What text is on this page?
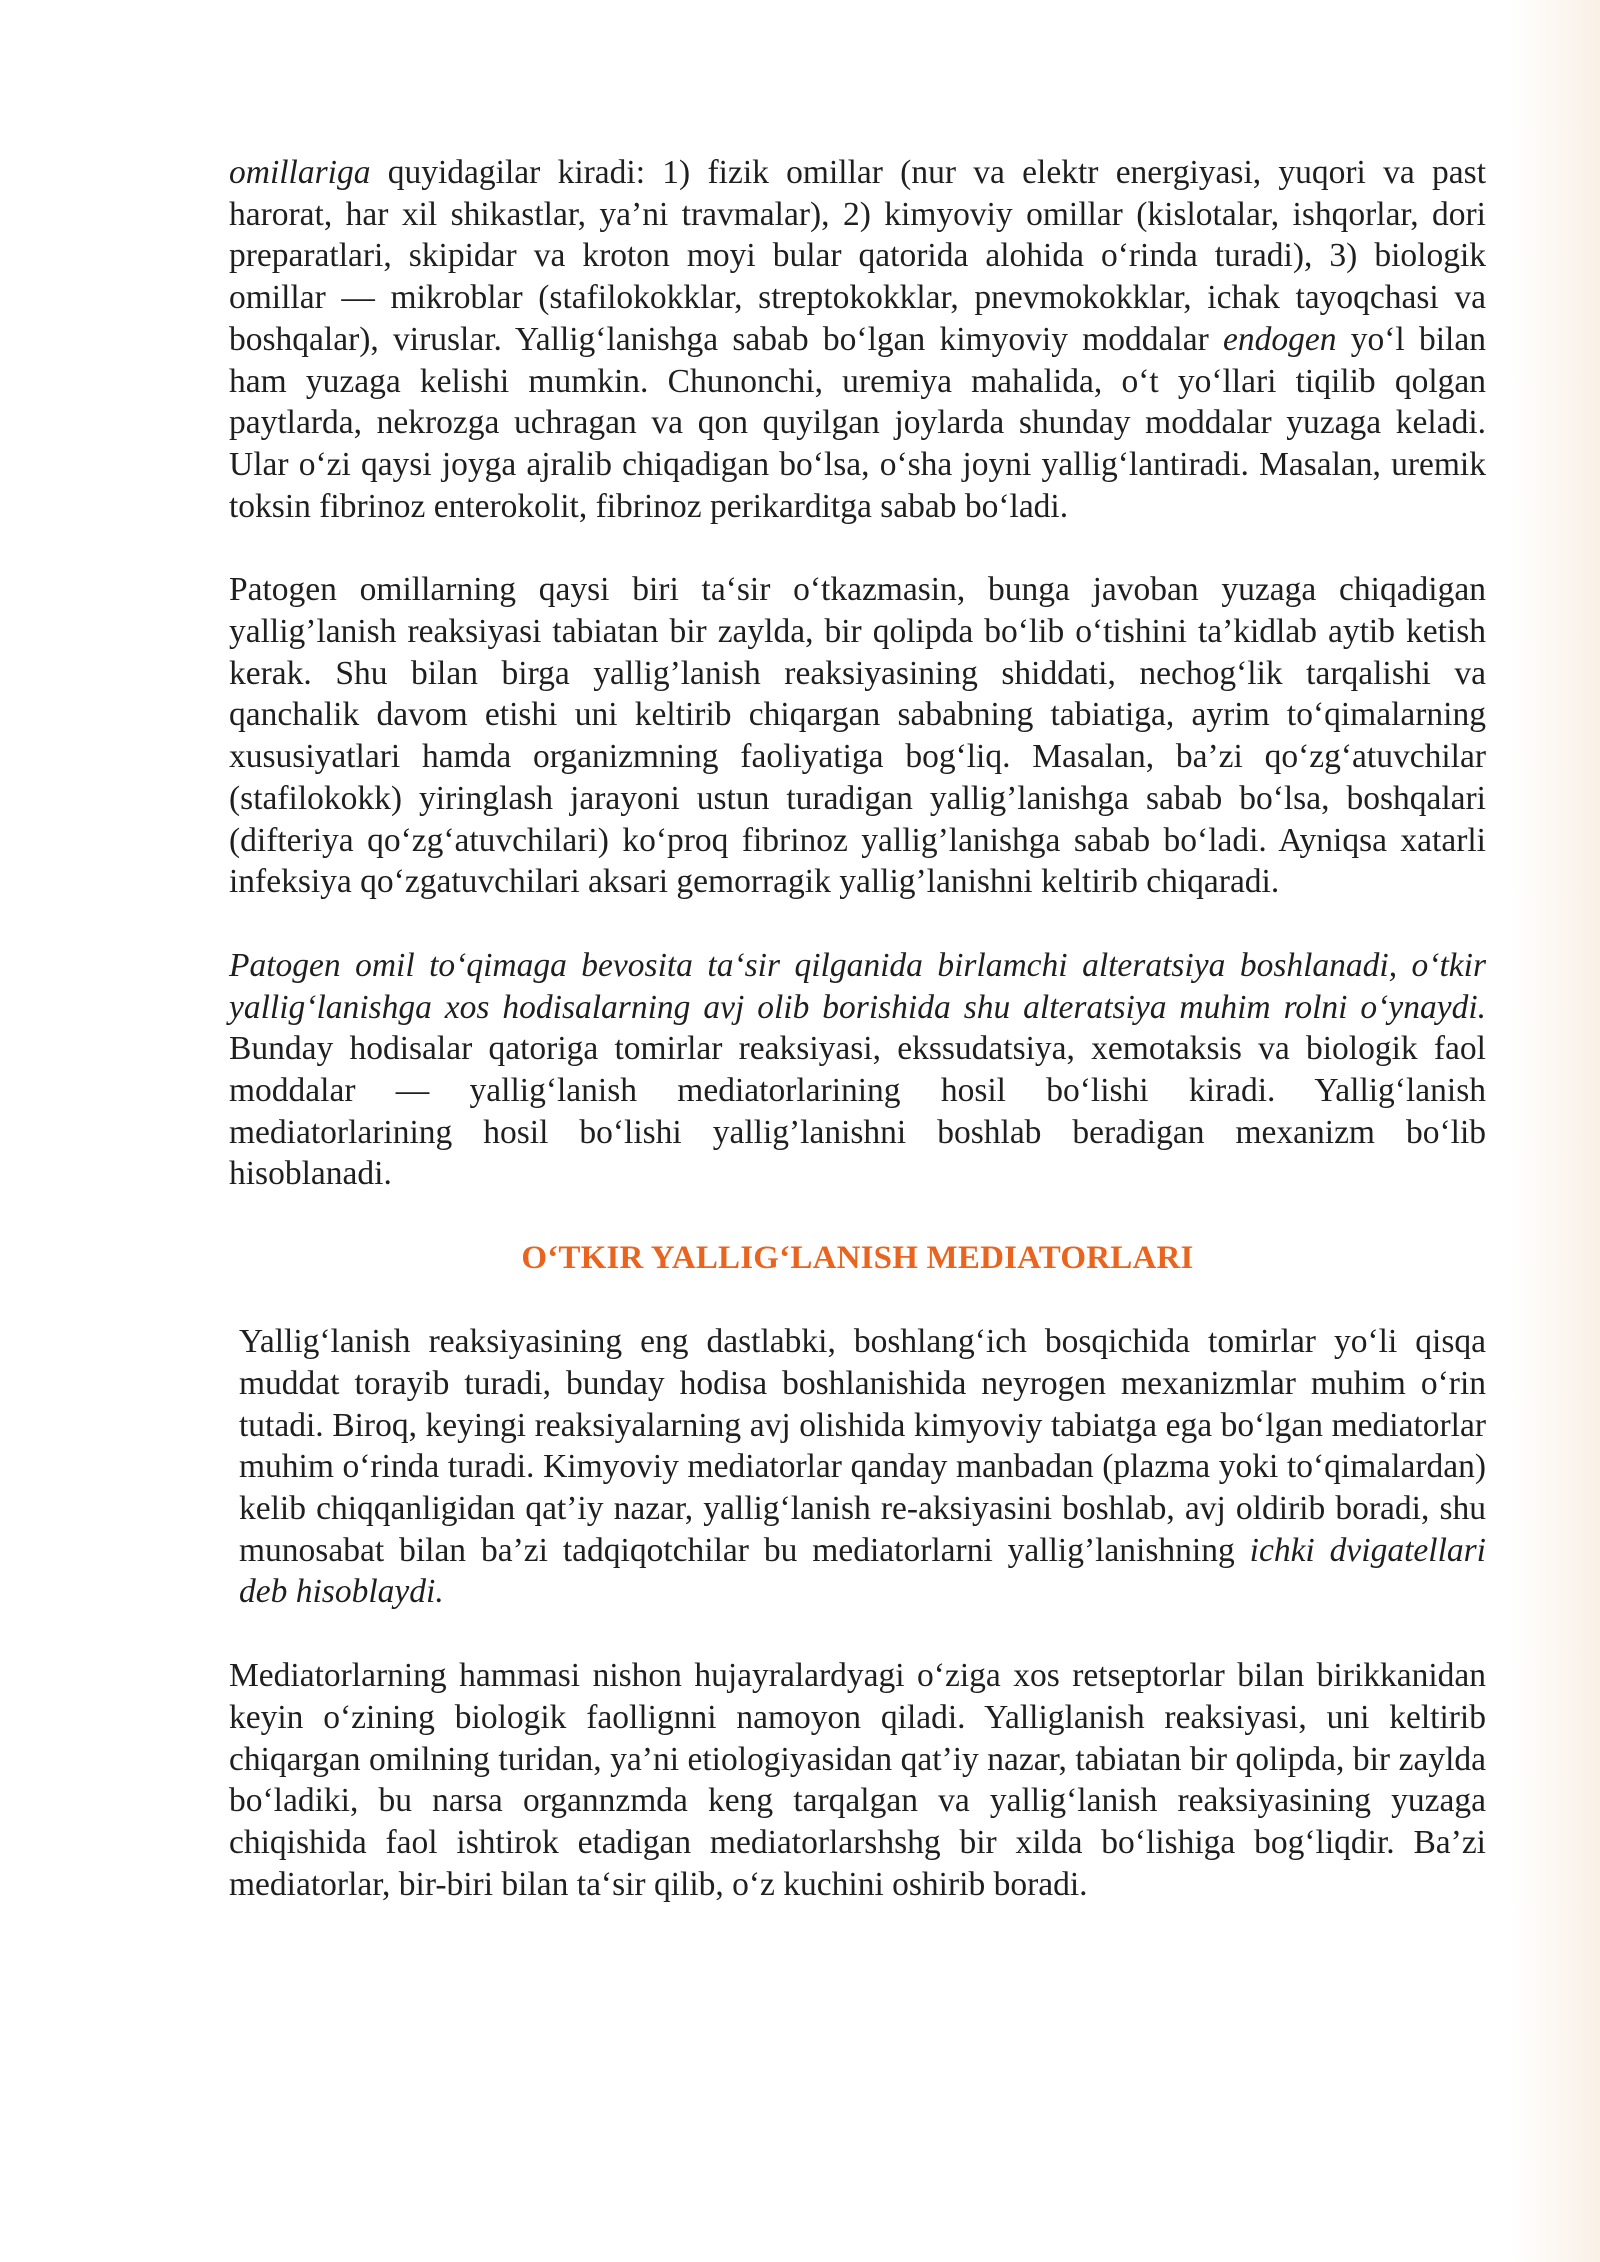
omillariga quyidagilar kiradi: 1) fizik omillar (nur va elektr energiyasi, yuqori va past harorat, har xil shikastlar, ya’ni travmalar), 2) kimyoviy omillar (kislotalar, ishqorlar, dori preparatlari, skipidar va kroton moyi bular qatorida alohida o‘rinda turadi), 3) biologik omillar — mikroblar (stafilokokklar, streptokokklar, pnevmokokklar, ichak tayoqchasi va boshqalar), viruslar. Yallig‘lanishga sabab bo‘lgan kimyoviy moddalar endogen yo‘l bilan ham yuzaga kelishi mumkin. Chunonchi, uremiya mahalida, o‘t yo‘llari tiqilib qolgan paytlarda, nekrozga uchragan va qon quyilgan joylarda shunday moddalar yuzaga keladi. Ular o‘zi qaysi joyga ajralib chiqadigan bo‘lsa, o‘sha joyni yallig‘lantiradi. Masalan, uremik toksin fibrinoz enterokolit, fibrinoz perikarditga sabab bo‘ladi.

Patogen omillarning qaysi biri ta‘sir o‘tkazmasin, bunga javoban yuzaga chiqadigan yallig’lanish reaksiyasi tabiatan bir zaylda, bir qolipda bo‘lib o‘tishini ta’kidlab aytib ketish kerak. Shu bilan birga yallig’lanish reaksiyasining shiddati, nechog‘lik tarqalishi va qanchalik davom etishi uni keltirib chiqargan sababning tabiatiga, ayrim to‘qimalarning xususiyatlari hamda organizmning faoliyatiga bog‘liq. Masalan, ba’zi qo‘zg‘atuvchilar (stafilokokk) yiringlash jarayoni ustun turadigan yallig’lanishga sabab bo‘lsa, boshqalari (difteriya qo‘zg‘atuvchilari) ko‘proq fibrinoz yallig’lanishga sabab bo‘ladi. Ayniqsa xatarli infeksiya qo‘zgatuvchilari aksari gemorragik yallig’lanishni keltirib chiqaradi.

Patogen omil to‘qimaga bevosita ta‘sir qilganida birlamchi alteratsiya boshlanadi, o‘tkir yallig‘lanishga xos hodisalarning avj olib borishida shu alteratsiya muhim rolni o‘ynaydi. Bunday hodisalar qatoriga tomirlar reaksiyasi, ekssudatsiya, xemotaksis va biologik faol moddalar — yallig‘lanish mediatorlarining hosil bo‘lishi kiradi. Yallig‘lanish mediatorlarining hosil bo‘lishi yallig’lanishni boshlab beradigan mexanizm bo‘lib hisoblanadi.

O‘TKIR YALLIG‘LANISH MEDIATORLARI

Yallig‘lanish reaksiyasining eng dastlabki, boshlang‘ich bosqichida tomirlar yo‘li qisqa muddat torayib turadi, bunday hodisa boshlanishida neyrogen mexanizmlar muhim o‘rin tutadi. Biroq, keyingi reaksiyalarning avj olishida kimyoviy tabiatga ega bo‘lgan mediatorlar muhim o‘rinda turadi. Kimyoviy mediatorlar qanday manbadan (plazma yoki to‘qimalardan) kelib chiqqanligidan qat’iy nazar, yallig‘lanish re-aksiyasini boshlab, avj oldirib boradi, shu munosabat bilan ba’zi tadqiqotchilar bu mediatorlarni yallig’lanishning ichki dvigatellari deb hisoblaydi.

Mediatorlarning hammasi nishon hujayralardyagi o‘ziga xos retseptorlar bilan birikkanidan keyin o‘zining biologik faollignni namoyon qiladi. Yalliglanish reaksiyasi, uni keltirib chiqargan omilning turidan, ya’ni etiologiyasidan qat’iy nazar, tabiatan bir qolipda, bir zaylda bo‘ladiki, bu narsa organnzmda keng tarqalgan va yallig‘lanish reaksiyasining yuzaga chiqishida faol ishtirok etadigan mediatorlarshshg bir xilda bo‘lishiga bog‘liqdir. Ba’zi mediatorlar, bir-biri bilan ta‘sir qilib, o‘z kuchini oshirib boradi.
